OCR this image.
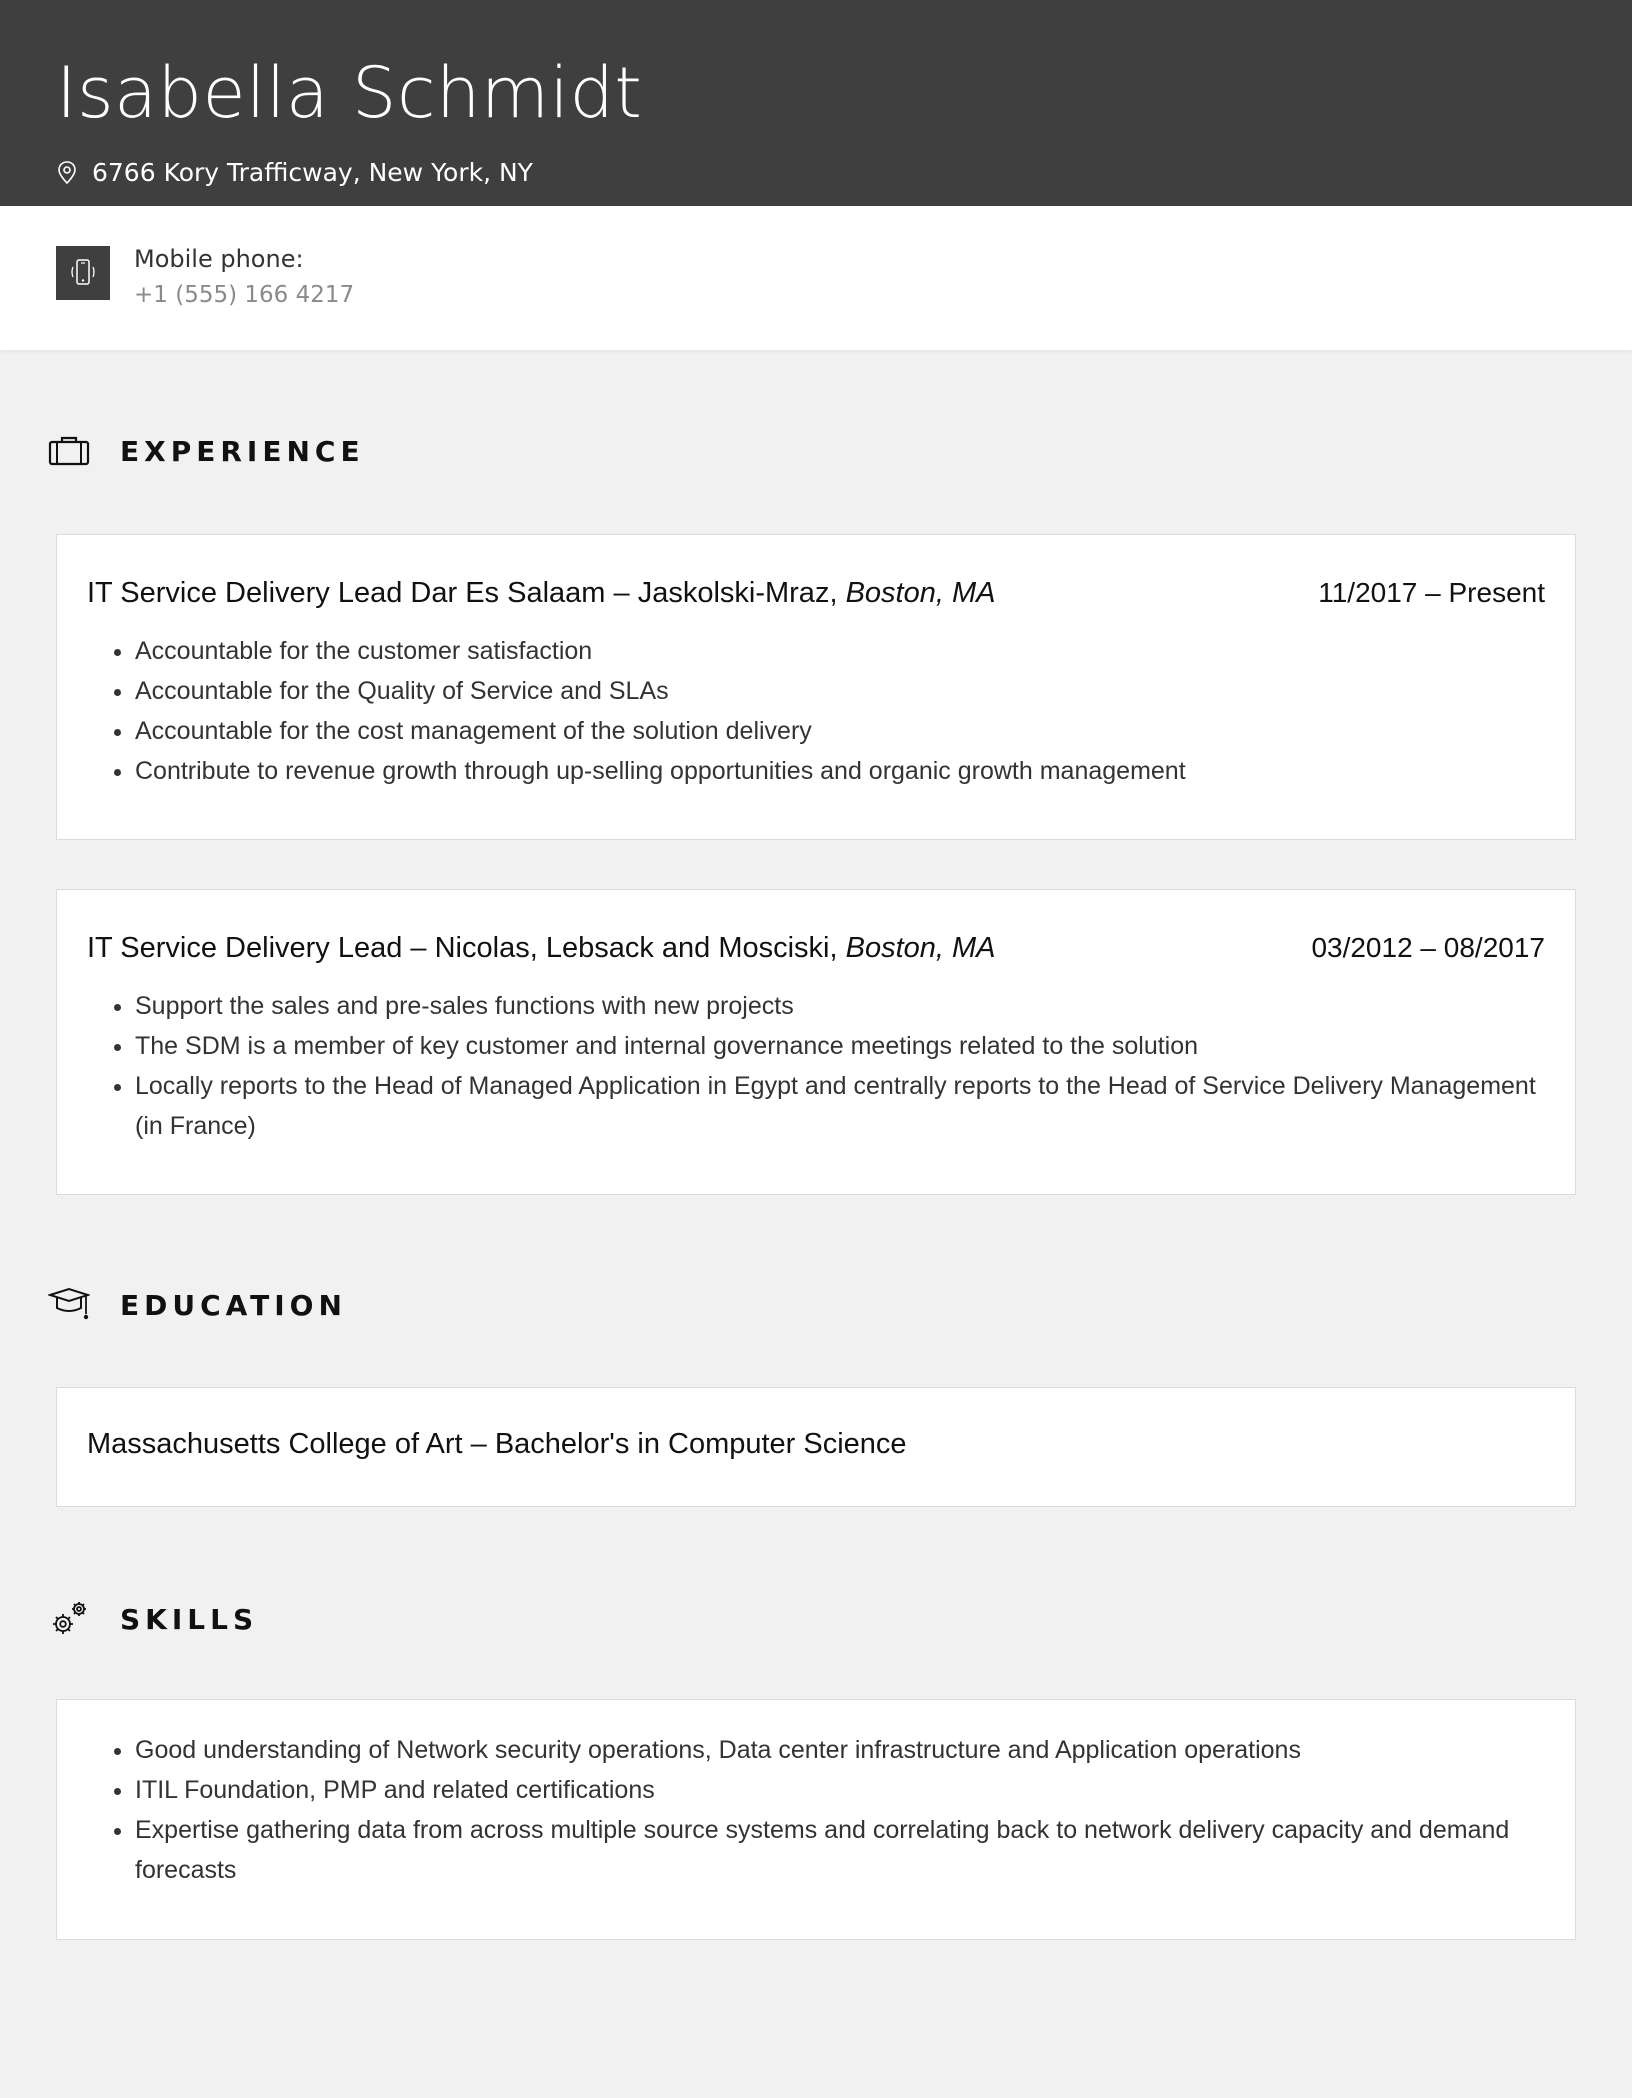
Isabella Schmidt
6766 Kory Trafficway, New York, NY
Mobile phone:
+1 (555) 166 4217
EXPERIENCE
IT Service Delivery Lead Dar Es Salaam – Jaskolski-Mraz, Boston, MA	11/2017 – Present
• Accountable for the customer satisfaction
• Accountable for the Quality of Service and SLAs
• Accountable for the cost management of the solution delivery
• Contribute to revenue growth through up-selling opportunities and organic growth management
IT Service Delivery Lead – Nicolas, Lebsack and Mosciski, Boston, MA	03/2012 – 08/2017
• Support the sales and pre-sales functions with new projects
• The SDM is a member of key customer and internal governance meetings related to the solution
• Locally reports to the Head of Managed Application in Egypt and centrally reports to the Head of Service Delivery Management (in France)
EDUCATION
Massachusetts College of Art – Bachelor's in Computer Science
SKILLS
• Good understanding of Network security operations, Data center infrastructure and Application operations
• ITIL Foundation, PMP and related certifications
• Expertise gathering data from across multiple source systems and correlating back to network delivery capacity and demand forecasts
